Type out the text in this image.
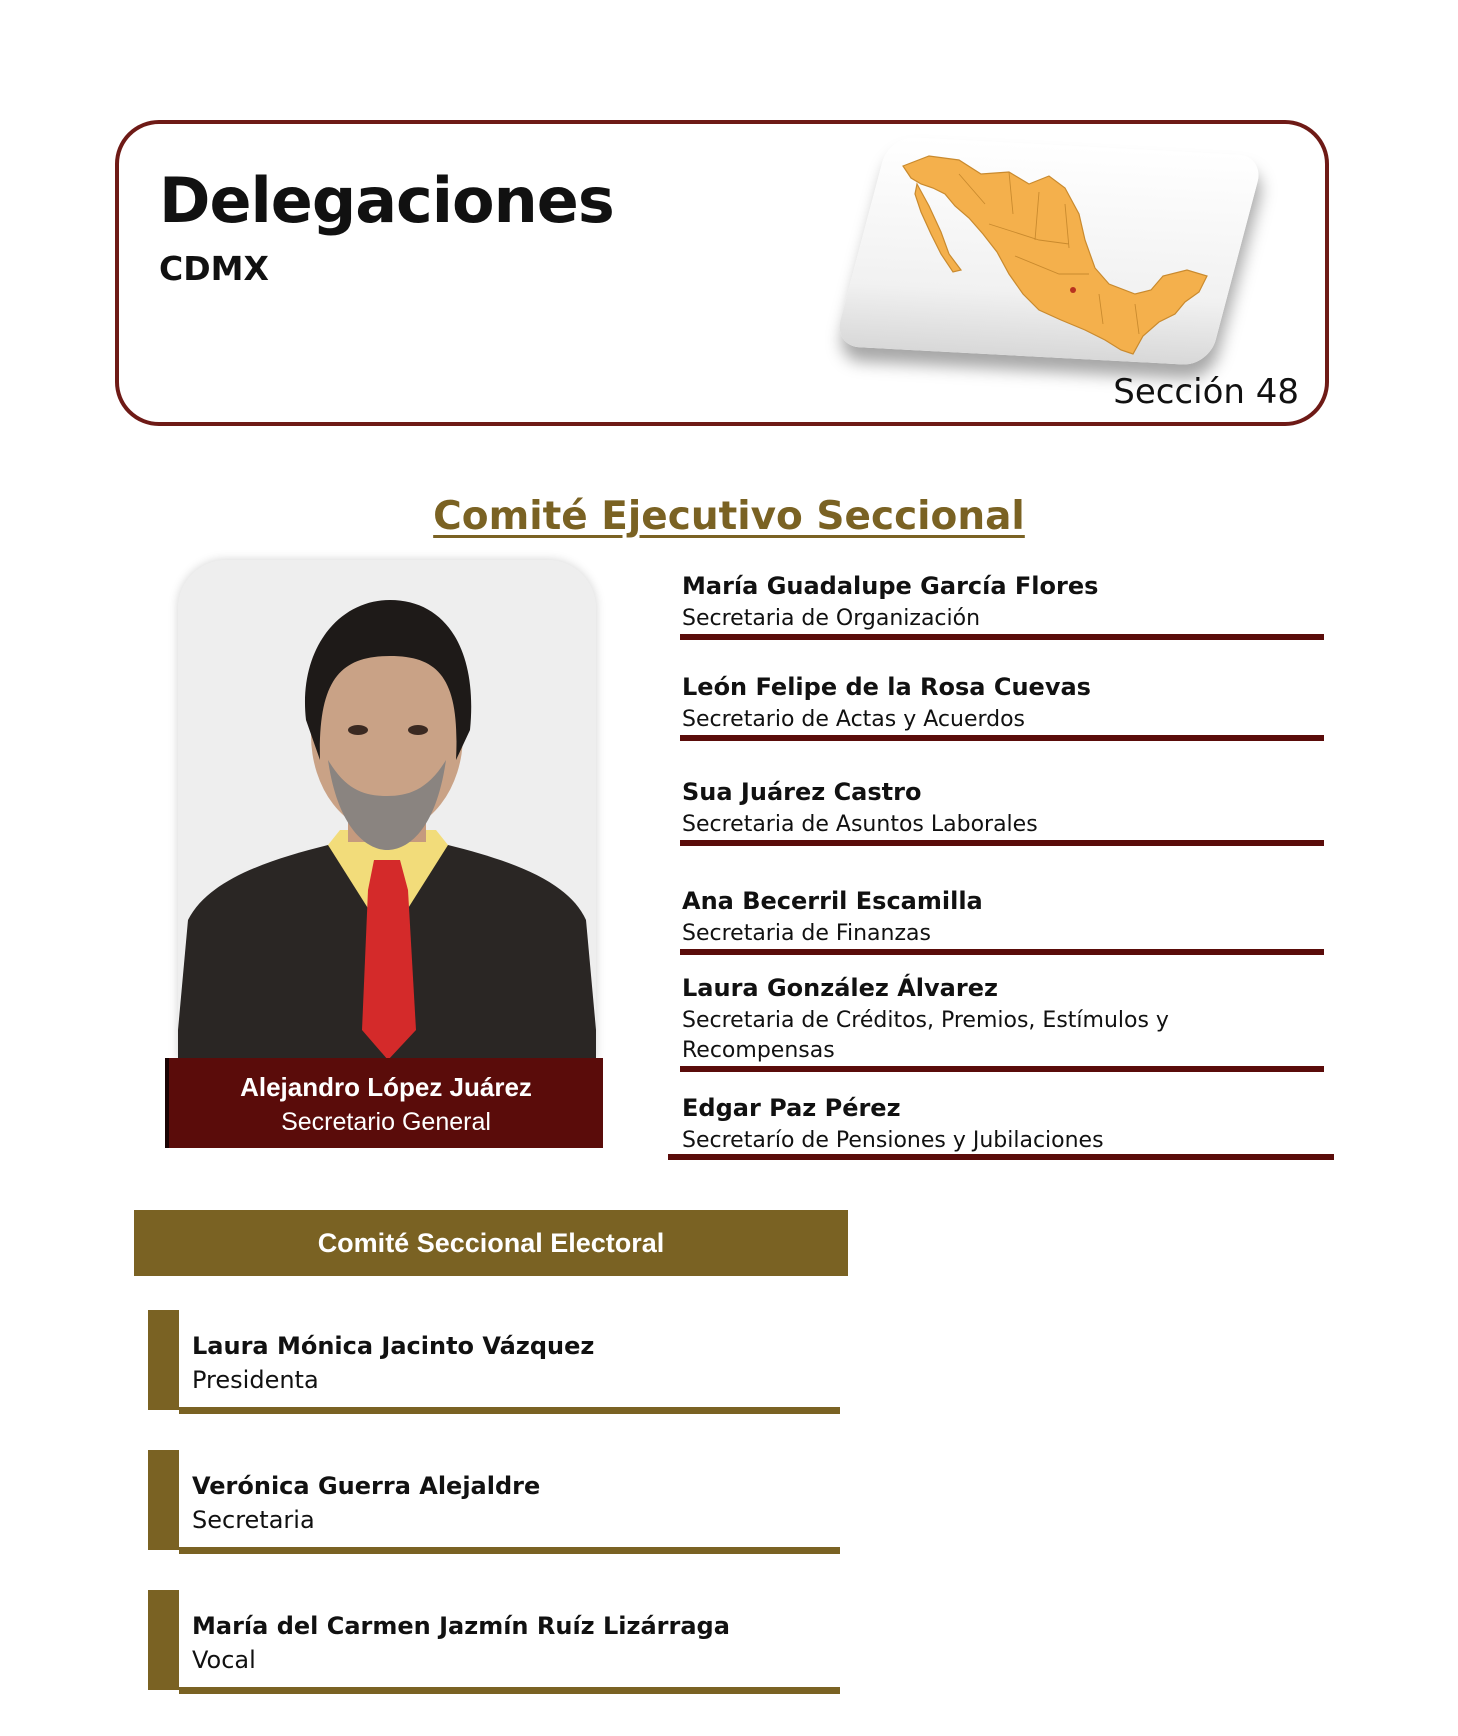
Delegaciones
CDMX
Sección 48
Comité Ejecutivo Seccional
Alejandro López Juárez
Secretario General
María Guadalupe García Flores
Secretaria de Organización
León Felipe de la Rosa Cuevas
Secretario de Actas y Acuerdos
Sua Juárez Castro
Secretaria de Asuntos Laborales
Ana Becerril Escamilla
Secretaria de Finanzas
Laura González Álvarez
Secretaria de Créditos, Premios, Estímulos y Recompensas
Edgar Paz Pérez
Secretarío de Pensiones y Jubilaciones
Comité Seccional Electoral
Laura Mónica Jacinto Vázquez
Presidenta
Verónica Guerra Alejaldre
Secretaria
María del Carmen Jazmín Ruíz Lizárraga
Vocal
